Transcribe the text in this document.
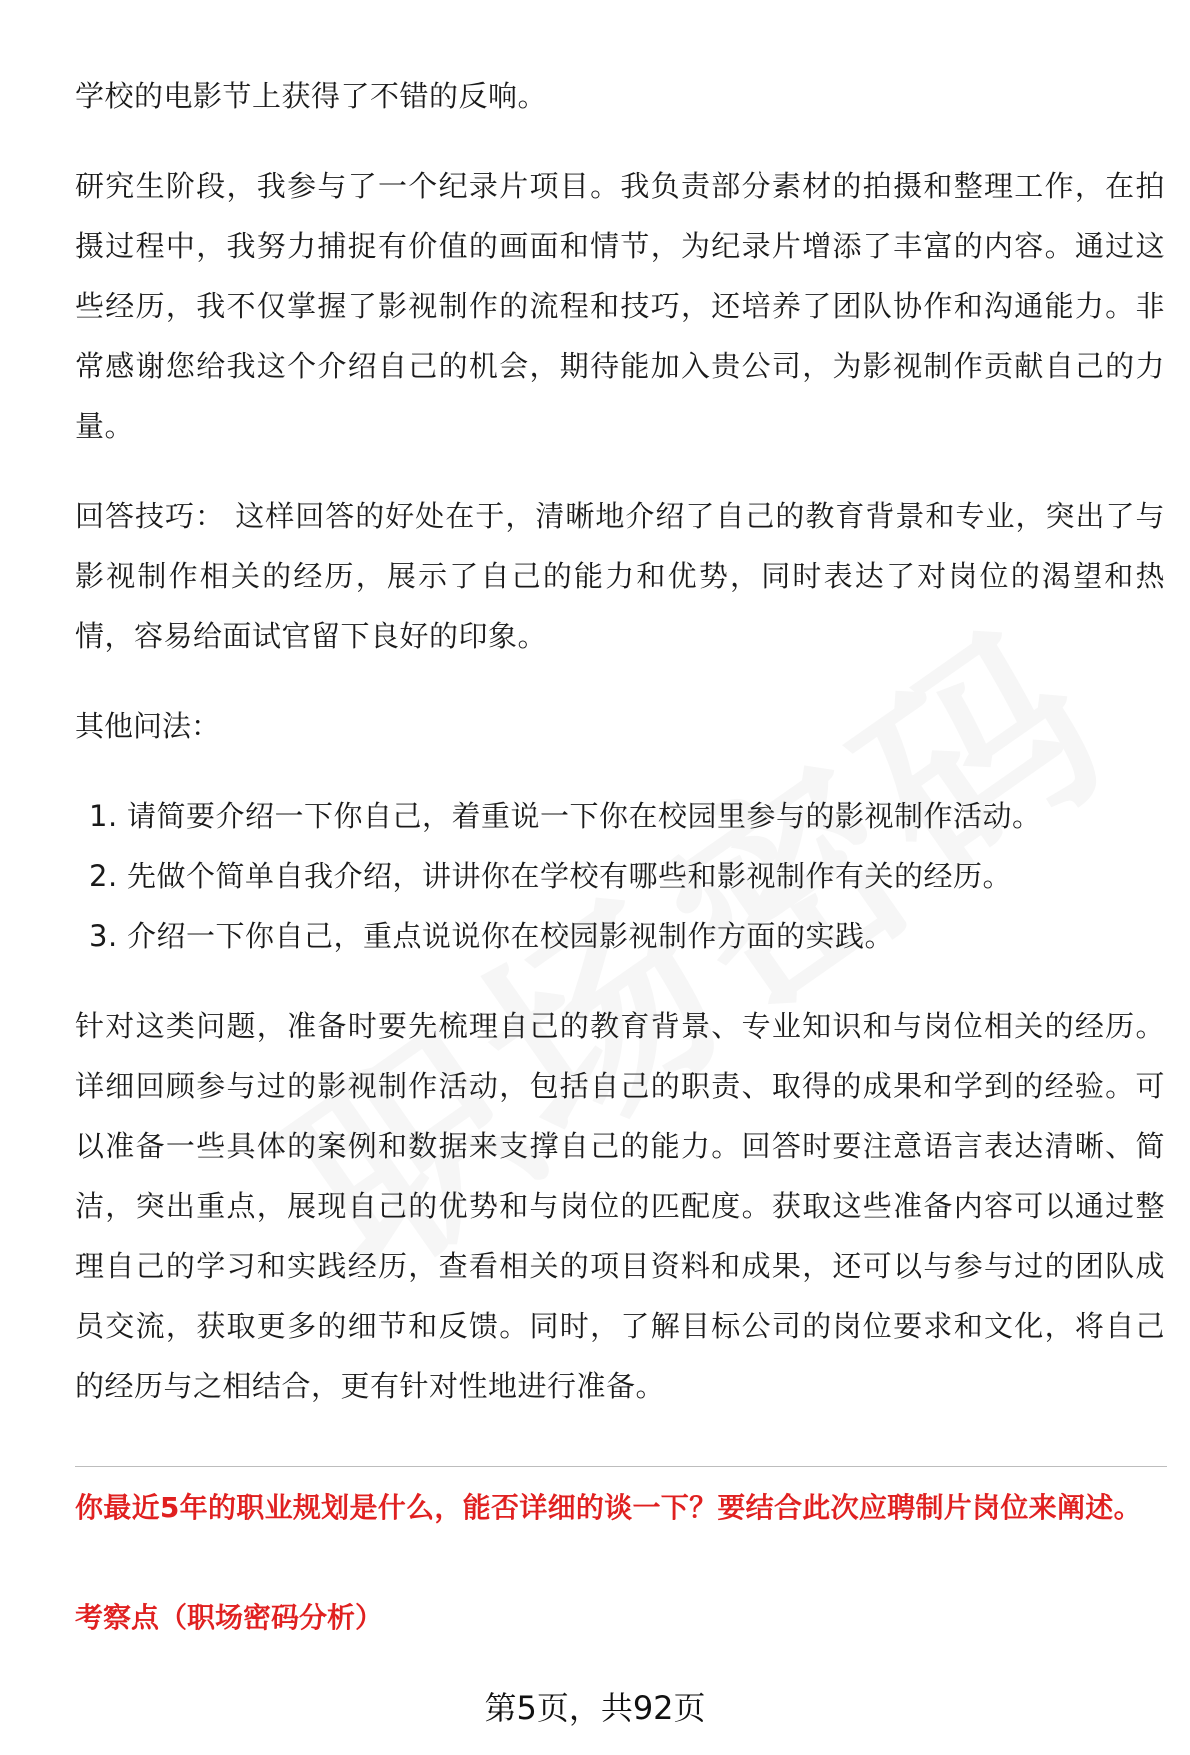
学校的电影节上获得了不错的反响。

研究生阶段，我参与了一个纪录片项目。我负责部分素材的拍摄和整理工作，在拍摄过程中，我努力捕捉有价值的画面和情节，为纪录片增添了丰富的内容。通过这些经历，我不仅掌握了影视制作的流程和技巧，还培养了团队协作和沟通能力。非常感谢您给我这个介绍自己的机会，期待能加入贵公司，为影视制作贡献自己的力量。

回答技巧： 这样回答的好处在于，清晰地介绍了自己的教育背景和专业，突出了与影视制作相关的经历，展示了自己的能力和优势，同时表达了对岗位的渴望和热情，容易给面试官留下良好的印象。

其他问法：

1. 请简要介绍一下你自己，着重说一下你在校园里参与的影视制作活动。
2. 先做个简单自我介绍，讲讲你在学校有哪些和影视制作有关的经历。
3. 介绍一下你自己，重点说说你在校园影视制作方面的实践。

针对这类问题，准备时要先梳理自己的教育背景、专业知识和与岗位相关的经历。详细回顾参与过的影视制作活动，包括自己的职责、取得的成果和学到的经验。可以准备一些具体的案例和数据来支撑自己的能力。回答时要注意语言表达清晰、简洁，突出重点，展现自己的优势和与岗位的匹配度。获取这些准备内容可以通过整理自己的学习和实践经历，查看相关的项目资料和成果，还可以与参与过的团队成员交流，获取更多的细节和反馈。同时，了解目标公司的岗位要求和文化，将自己的经历与之相结合，更有针对性地进行准备。

你最近5年的职业规划是什么，能否详细的谈一下？要结合此次应聘制片岗位来阐述。
考察点（职场密码分析）
第5页，共92页
